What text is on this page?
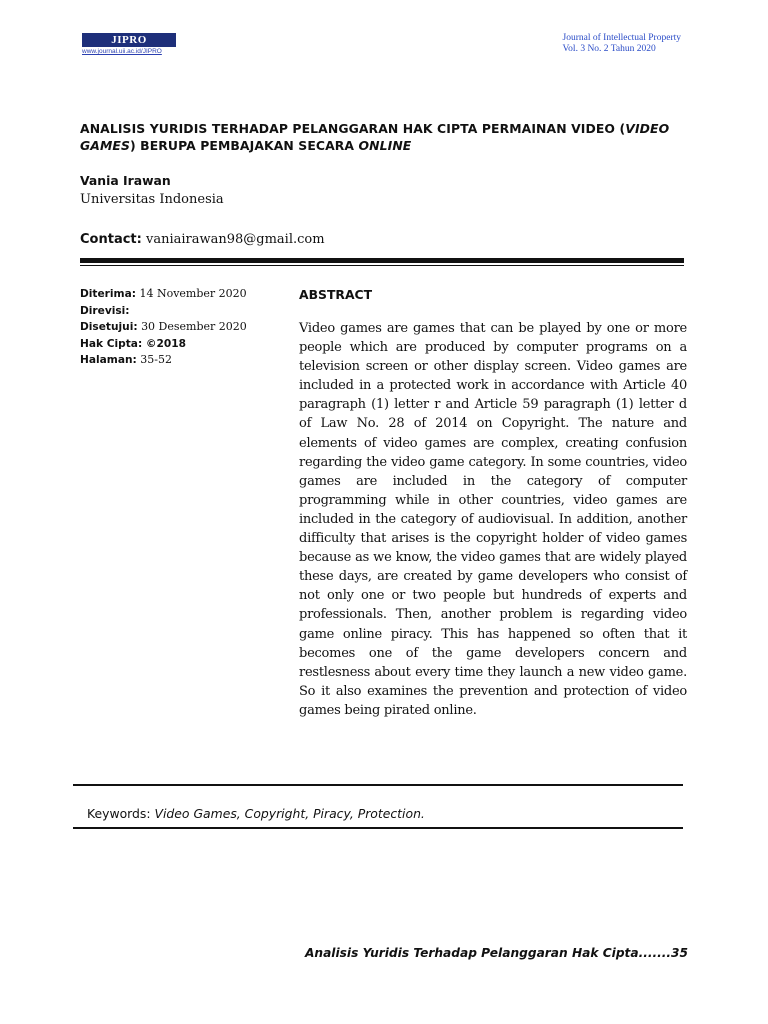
JIPRO
www.journal.uii.ac.id/JIPRO
Journal of Intellectual Property
Vol. 3 No. 2 Tahun 2020
ANALISIS YURIDIS TERHADAP PELANGGARAN HAK CIPTA PERMAINAN VIDEO (VIDEO GAMES) BERUPA PEMBAJAKAN SECARA ONLINE
Vania Irawan
Universitas Indonesia
Contact: vaniairawan98@gmail.com
Diterima: 14 November 2020
Direvisi:
Disetujui: 30 Desember 2020
Hak Cipta: ©2018
Halaman: 35-52
ABSTRACT
Video games are games that can be played by one or more people which are produced by computer programs on a television screen or other display screen. Video games are included in a protected work in accordance with Article 40 paragraph (1) letter r and Article 59 paragraph (1) letter d of Law No. 28 of 2014 on Copyright. The nature and elements of video games are complex, creating confusion regarding the video game category. In some countries, video games are included in the category of computer programming while in other countries, video games are included in the category of audiovisual. In addition, another difficulty that arises is the copyright holder of video games because as we know, the video games that are widely played these days, are created by game developers who consist of not only one or two people but hundreds of experts and professionals. Then, another problem is regarding video game online piracy. This has happened so often that it becomes one of the game developers concern and restlesness about every time they launch a new video game. So it also examines the prevention and protection of video games being pirated online.
Keywords: Video Games, Copyright, Piracy, Protection.
Analisis Yuridis Terhadap Pelanggaran Hak Cipta.......35
